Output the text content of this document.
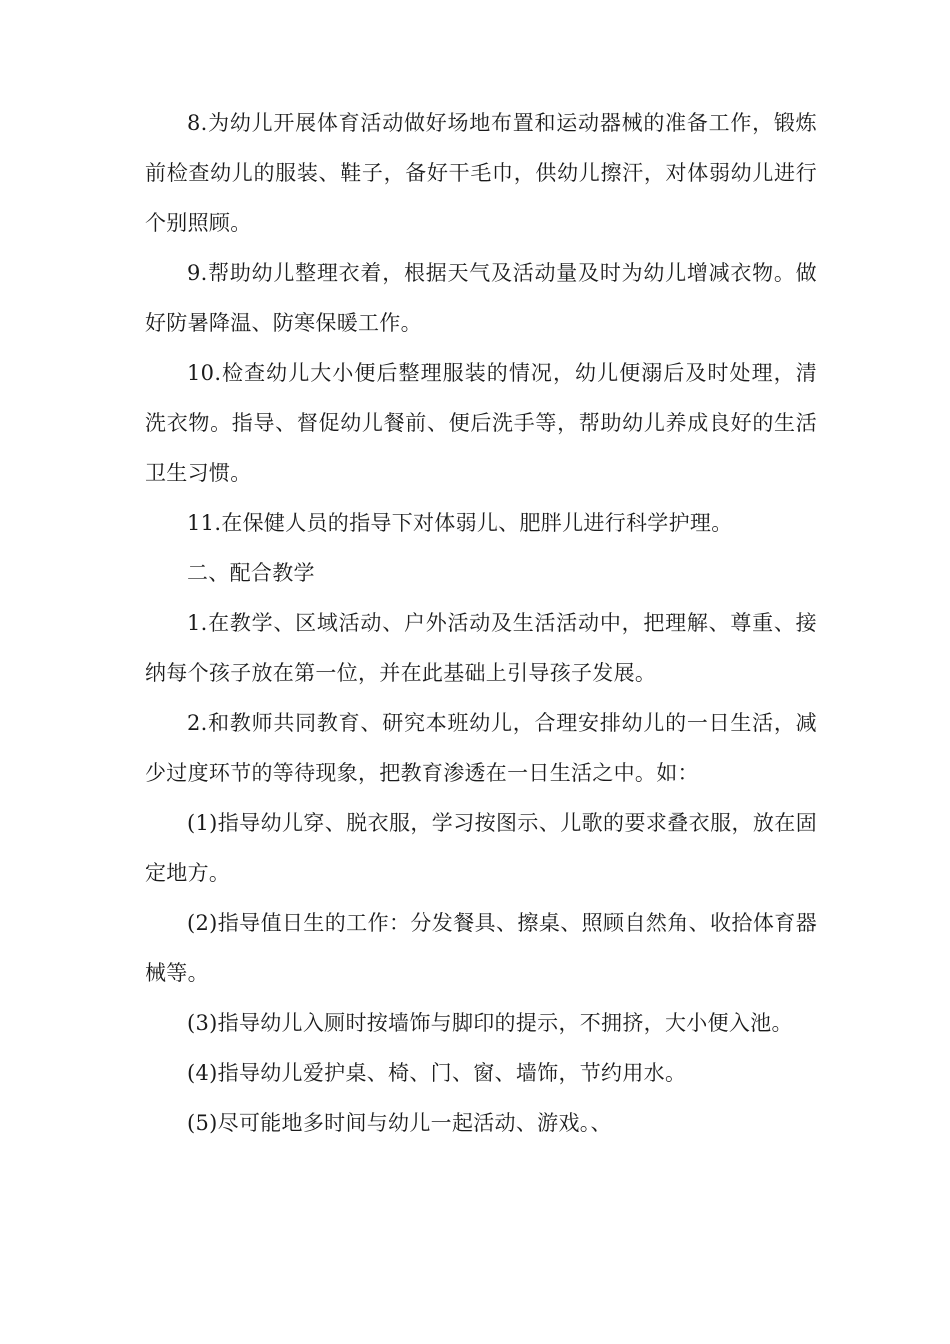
8.为幼儿开展体育活动做好场地布置和运动器械的准备工作，锻炼前检查幼儿的服装、鞋子，备好干毛巾，供幼儿擦汗，对体弱幼儿进行个别照顾。

9.帮助幼儿整理衣着，根据天气及活动量及时为幼儿增减衣物。做好防暑降温、防寒保暖工作。

10.检查幼儿大小便后整理服装的情况，幼儿便溺后及时处理，清洗衣物。指导、督促幼儿餐前、便后洗手等，帮助幼儿养成良好的生活卫生习惯。

11.在保健人员的指导下对体弱儿、肥胖儿进行科学护理。

二、配合教学

1.在教学、区域活动、户外活动及生活活动中，把理解、尊重、接纳每个孩子放在第一位，并在此基础上引导孩子发展。

2.和教师共同教育、研究本班幼儿，合理安排幼儿的一日生活，减少过度环节的等待现象，把教育渗透在一日生活之中。如：

(1)指导幼儿穿、脱衣服，学习按图示、儿歌的要求叠衣服，放在固定地方。

(2)指导值日生的工作：分发餐具、擦桌、照顾自然角、收拾体育器械等。

(3)指导幼儿入厕时按墙饰与脚印的提示，不拥挤，大小便入池。

(4)指导幼儿爱护桌、椅、门、窗、墙饰，节约用水。

(5)尽可能地多时间与幼儿一起活动、游戏。、
